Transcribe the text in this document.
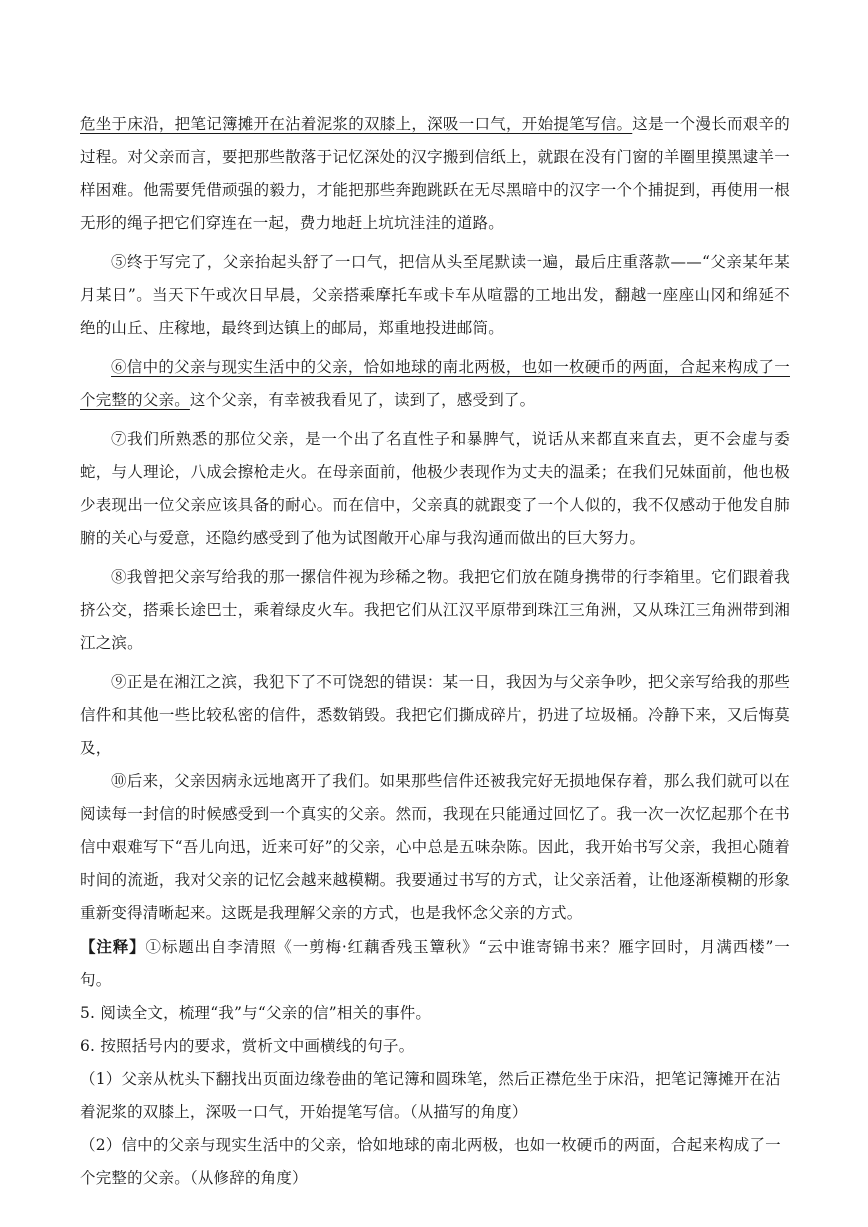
危坐于床沿，把笔记簿摊开在沾着泥浆的双膝上，深吸一口气，开始提笔写信。这是一个漫长而艰辛的过程。对父亲而言，要把那些散落于记忆深处的汉字搬到信纸上，就跟在没有门窗的羊圈里摸黑逮羊一样困难。他需要凭借顽强的毅力，才能把那些奔跑跳跃在无尽黑暗中的汉字一个个捕捉到，再使用一根无形的绳子把它们穿连在一起，费力地赶上坑坑洼洼的道路。

⑤终于写完了，父亲抬起头舒了一口气，把信从头至尾默读一遍，最后庄重落款——“父亲某年某月某日”。当天下午或次日早晨，父亲搭乘摩托车或卡车从喧嚣的工地出发，翻越一座座山冈和绵延不绝的山丘、庄稼地，最终到达镇上的邮局，郑重地投进邮筒。

⑥信中的父亲与现实生活中的父亲，恰如地球的南北两极，也如一枚硬币的两面，合起来构成了一个完整的父亲。这个父亲，有幸被我看见了，读到了，感受到了。

⑦我们所熟悉的那位父亲，是一个出了名直性子和暴脾气，说话从来都直来直去，更不会虚与委蛇，与人理论，八成会擦枪走火。在母亲面前，他极少表现作为丈夫的温柔；在我们兄妹面前，他也极少表现出一位父亲应该具备的耐心。而在信中，父亲真的就跟变了一个人似的，我不仅感动于他发自肺腑的关心与爱意，还隐约感受到了他为试图敞开心扉与我沟通而做出的巨大努力。

⑧我曾把父亲写给我的那一摞信件视为珍稀之物。我把它们放在随身携带的行李箱里。它们跟着我挤公交，搭乘长途巴士，乘着绿皮火车。我把它们从江汉平原带到珠江三角洲，又从珠江三角洲带到湘江之滨。

⑨正是在湘江之滨，我犯下了不可饶恕的错误：某一日，我因为与父亲争吵，把父亲写给我的那些信件和其他一些比较私密的信件，悉数销毁。我把它们撕成碎片，扔进了垃圾桶。冷静下来，又后悔莫及，

⑩后来，父亲因病永远地离开了我们。如果那些信件还被我完好无损地保存着，那么我们就可以在阅读每一封信的时候感受到一个真实的父亲。然而，我现在只能通过回忆了。我一次一次忆起那个在书信中艰难写下“吾儿向迅，近来可好”的父亲，心中总是五味杂陈。因此，我开始书写父亲，我担心随着时间的流逝，我对父亲的记忆会越来越模糊。我要通过书写的方式，让父亲活着，让他逐渐模糊的形象重新变得清晰起来。这既是我理解父亲的方式，也是我怀念父亲的方式。

【注释】①标题出自李清照《一剪梅·红藕香残玉簟秋》“云中谁寄锦书来？雁字回时，月满西楼”一句。

5. 阅读全文，梳理“我”与“父亲的信”相关的事件。

6. 按照括号内的要求，赏析文中画横线的句子。

（1）父亲从枕头下翻找出页面边缘卷曲的笔记簿和圆珠笔，然后正襟危坐于床沿，把笔记簿摊开在沾着泥浆的双膝上，深吸一口气，开始提笔写信。（从描写的角度）

（2）信中的父亲与现实生活中的父亲，恰如地球的南北两极，也如一枚硬币的两面，合起来构成了一个完整的父亲。（从修辞的角度）
